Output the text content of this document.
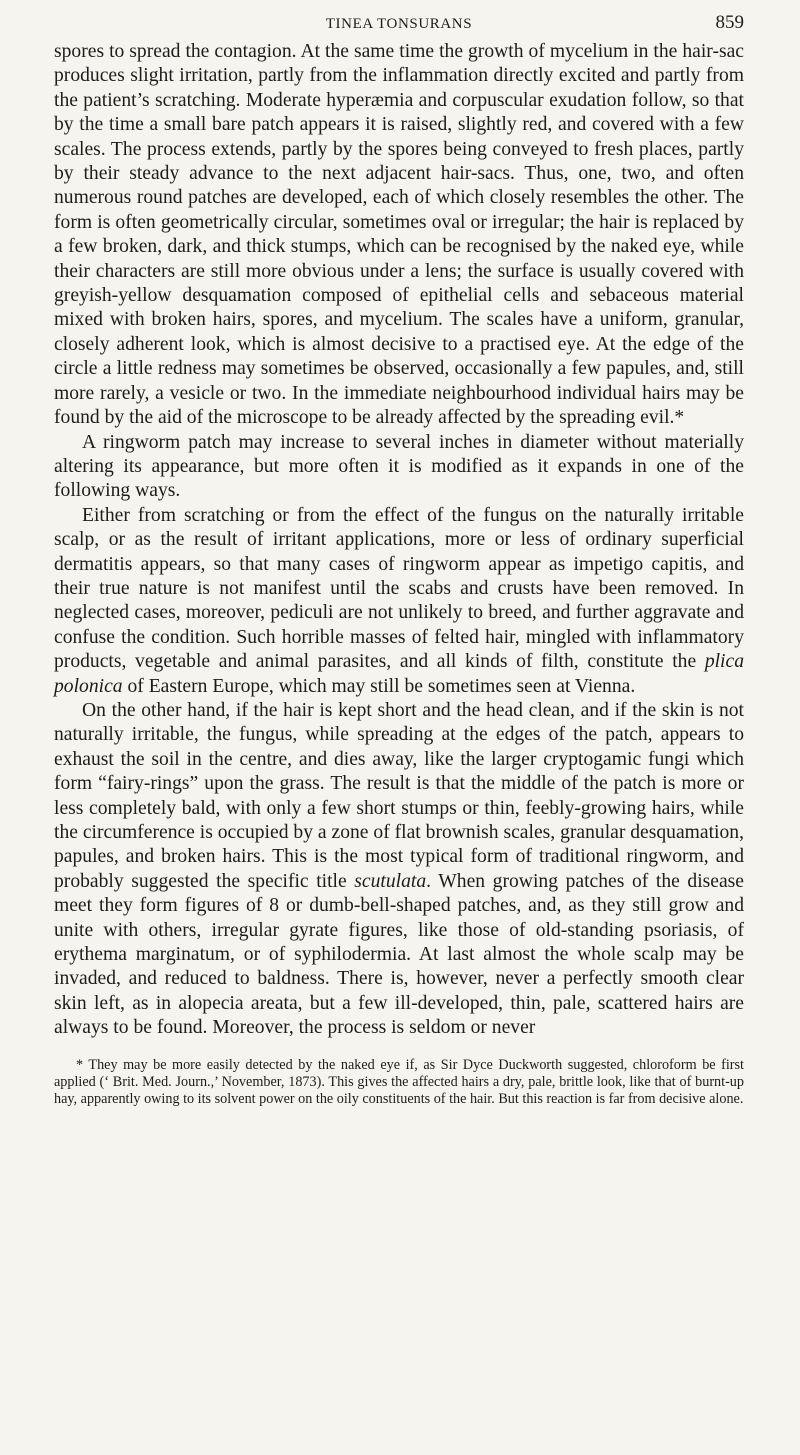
TINEA TONSURANS	859

spores to spread the contagion. At the same time the growth of mycelium in the hair-sac produces slight irritation, partly from the inflammation directly excited and partly from the patient’s scratching. Moderate hyperæmia and corpuscular exudation follow, so that by the time a small bare patch appears it is raised, slightly red, and covered with a few scales. The process extends, partly by the spores being conveyed to fresh places, partly by their steady advance to the next adjacent hair-sacs. Thus, one, two, and often numerous round patches are developed, each of which closely resembles the other. The form is often geometrically circular, sometimes oval or irregular; the hair is replaced by a few broken, dark, and thick stumps, which can be recognised by the naked eye, while their characters are still more obvious under a lens; the surface is usually covered with greyish-yellow desquamation composed of epithelial cells and sebaceous material mixed with broken hairs, spores, and mycelium. The scales have a uniform, granular, closely adherent look, which is almost decisive to a practised eye. At the edge of the circle a little redness may sometimes be observed, occasionally a few papules, and, still more rarely, a vesicle or two. In the immediate neighbourhood individual hairs may be found by the aid of the microscope to be already affected by the spreading evil.*

A ringworm patch may increase to several inches in diameter without materially altering its appearance, but more often it is modified as it expands in one of the following ways.

Either from scratching or from the effect of the fungus on the naturally irritable scalp, or as the result of irritant applications, more or less of ordinary superficial dermatitis appears, so that many cases of ringworm appear as impetigo capitis, and their true nature is not manifest until the scabs and crusts have been removed. In neglected cases, moreover, pediculi are not unlikely to breed, and further aggravate and confuse the condition. Such horrible masses of felted hair, mingled with inflammatory products, vegetable and animal parasites, and all kinds of filth, constitute the plica polonica of Eastern Europe, which may still be sometimes seen at Vienna.

On the other hand, if the hair is kept short and the head clean, and if the skin is not naturally irritable, the fungus, while spreading at the edges of the patch, appears to exhaust the soil in the centre, and dies away, like the larger cryptogamic fungi which form “fairy-rings” upon the grass. The result is that the middle of the patch is more or less completely bald, with only a few short stumps or thin, feebly-growing hairs, while the circumference is occupied by a zone of flat brownish scales, granular desquamation, papules, and broken hairs. This is the most typical form of traditional ringworm, and probably suggested the specific title scutulata. When growing patches of the disease meet they form figures of 8 or dumb-bell-shaped patches, and, as they still grow and unite with others, irregular gyrate figures, like those of old-standing psoriasis, of erythema marginatum, or of syphilodermia. At last almost the whole scalp may be invaded, and reduced to baldness. There is, however, never a perfectly smooth clear skin left, as in alopecia areata, but a few ill-developed, thin, pale, scattered hairs are always to be found. Moreover, the process is seldom or never

* They may be more easily detected by the naked eye if, as Sir Dyce Duckworth suggested, chloroform be first applied (‘ Brit. Med. Journ.,’ November, 1873). This gives the affected hairs a dry, pale, brittle look, like that of burnt-up hay, apparently owing to its solvent power on the oily constituents of the hair. But this reaction is far from decisive alone.
